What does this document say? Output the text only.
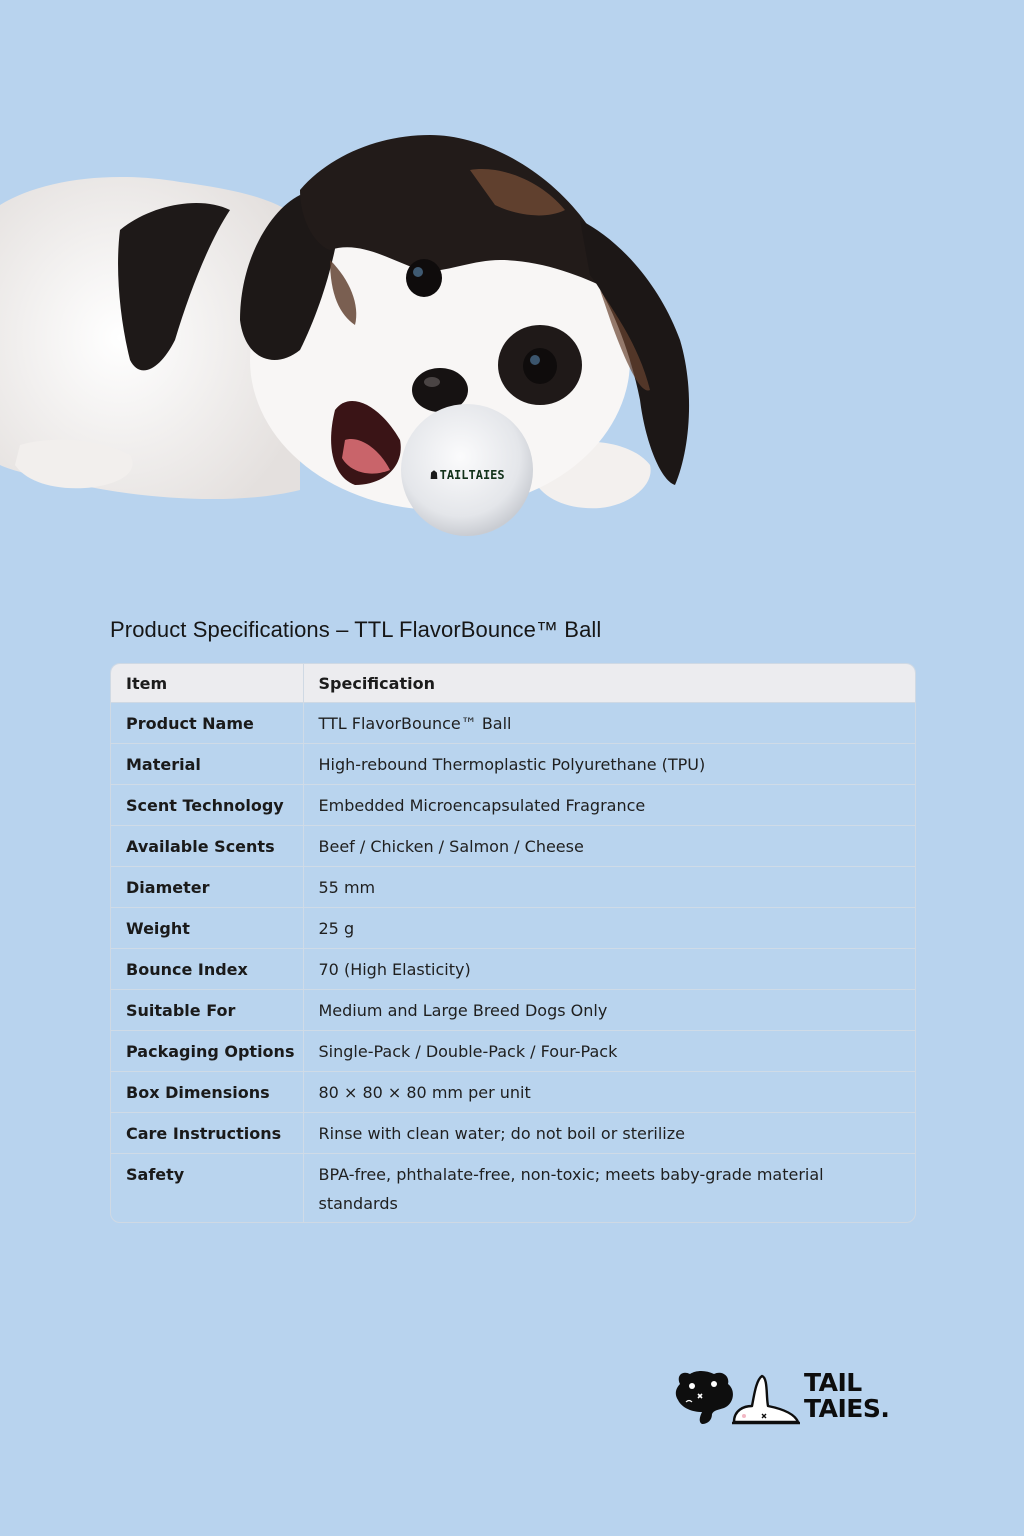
☗ TAILTAIES
Product Specifications – TTL FlavorBounce™ Ball
Item	Specification
Product Name	TTL FlavorBounce™ Ball
Material	High-rebound Thermoplastic Polyurethane (TPU)
Scent Technology	Embedded Microencapsulated Fragrance
Available Scents	Beef / Chicken / Salmon / Cheese
Diameter	55 mm
Weight	25 g
Bounce Index	70 (High Elasticity)
Suitable For	Medium and Large Breed Dogs Only
Packaging Options	Single-Pack / Double-Pack / Four-Pack
Box Dimensions	80 × 80 × 80 mm per unit
Care Instructions	Rinse with clean water; do not boil or sterilize
Safety	BPA-free, phthalate-free, non-toxic; meets baby-grade material standards
TAIL
TAIES.
